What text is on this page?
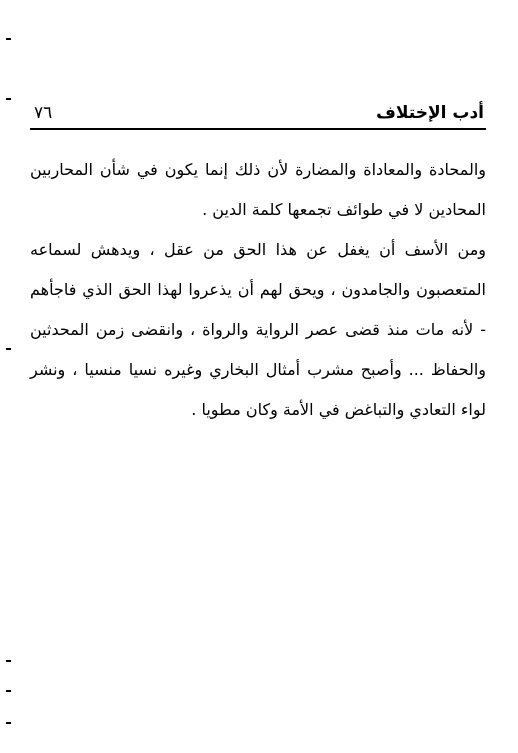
أدب الإختلاف
٧٦

والمحادة والمعاداة والمضارة لأن ذلك إنما يكون في شأن المحاربين المحادين لا في طوائف تجمعها كلمة الدين .

ومن الأسف أن يغفل عن هذا الحق من عقل ، ويدهش لسماعه المتعصبون والجامدون ، ويحق لهم أن يذعروا لهذا الحق الذي فاجأهم - لأنه مات منذ قضى عصر الرواية والرواة ، وانقضى زمن المحدثين والحفاظ ... وأصبح مشرب أمثال البخاري وغيره نسيا منسيا ، ونشر لواء التعادي والتباغض في الأمة وكان مطويا .
